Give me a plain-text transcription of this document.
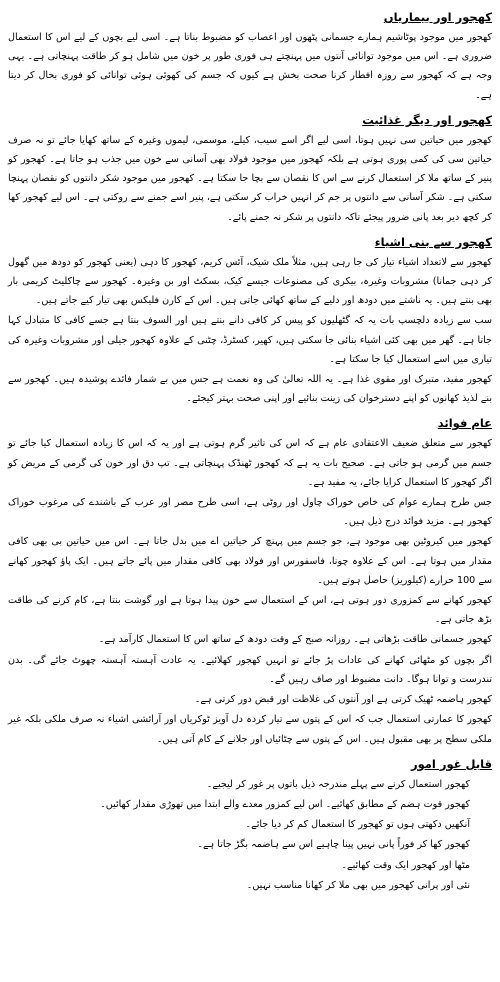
کھجور اور بیماریاں

کھجور میں موجود پوٹاشیم ہمارے جسمانی پٹھوں اور اعصاب کو مضبوط بناتا ہے۔ اسی لیے بچوں کے لیے اس کا استعمال ضروری ہے۔ اس میں موجود توانائی آنتوں میں پہنچتے ہی فوری طور پر خون میں شامل ہو کر طاقت پہنچاتی ہے۔ یہی وجہ ہے کہ کھجور سے روزہ افطار کرنا صحت بخش ہے کیوں کہ جسم کی کھوئی ہوئی توانائی کو فوری بحال کر دیتا ہے۔

کھجور اور دیگر غذائیت

کھجور میں حیاتین سی نہیں ہوتا، اسی لیے اگر اسے سیب، کیلے، موسمی، لیموں وغیرہ کے ساتھ کھایا جائے تو نہ صرف حیاتین سی کی کمی پوری ہوتی ہے بلکہ کھجور میں موجود فولاد بھی آسانی سے خون میں جذب ہو جاتا ہے۔ کھجور کو پنیر کے ساتھ ملا کر استعمال کرنے سے اس کا نقصان سے بچا جا سکتا ہے۔ کھجور میں موجود شکر دانتوں کو نقصان پہنچا سکتی ہے۔ شکر آسانی سے دانتوں پر جم کر انہیں خراب کر سکتی ہے، پنیر اسے جمنے سے روکتی ہے۔ اس لیے کھجور کھا کر کچھ دیر بعد پانی ضرور پیجئے تاکہ دانتوں پر شکر نہ جمنے پائے۔

کھجور سے بنی اشیاء

کھجور سے لاتعداد اشیاء تیار کی جا رہی ہیں، مثلاً ملک شیک، آئس کریم، کھجور کا دہی (یعنی کھجور کو دودھ میں گھول کر دہی جمانا) مشروبات وغیرہ، بیکری کی مصنوعات جیسے کیک، بسکٹ اور بن وغیرہ۔ کھجور سے چاکلیٹ کریمی بار بھی بنتے ہیں۔ یہ ناشتے میں دودھ اور دلیے کے ساتھ کھائی جاتی ہیں۔ اس کے کارن فلیکس بھی تیار کیے جاتے ہیں۔

سب سے زیادہ دلچسپ بات یہ کہ گٹھلیوں کو پیس کر کافی دانے بنتے ہیں اور السوف بنتا ہے جسے کافی کا متبادل کہا جاتا ہے۔ گھر میں بھی کئی اشیاء بنائی جا سکتی ہیں، کھیر، کسٹرڈ، چٹنی کے علاوہ کھجور جیلی اور مشروبات وغیرہ کی تیاری میں اسے استعمال کیا جا سکتا ہے۔

کھجور مفید، متبرک اور مقوی غذا ہے۔ یہ اللہ تعالیٰ کی وہ نعمت ہے جس میں بے شمار فائدے پوشیدہ ہیں۔ کھجور سے بنے لذیذ کھانوں کو اپنے دسترخوان کی زینت بنائیے اور اپنی صحت بہتر کیجئے۔

عام فوائد

کھجور سے متعلق ضعیف الاعتقادی عام ہے کہ اس کی تاثیر گرم ہوتی ہے اور یہ کہ اس کا زیادہ استعمال کیا جائے تو جسم میں گرمی ہو جاتی ہے۔ صحیح بات یہ ہے کہ کھجور ٹھنڈک پہنچاتی ہے۔ تپ دق اور خون کی گرمی کے مریض کو اگر کھجور کا استعمال کرایا جائے، یہ مفید ہے۔

جس طرح ہمارے عوام کی خاص خوراک چاول اور روٹی ہے، اسی طرح مصر اور عرب کے باشندے کی مرغوب خوراک کھجور ہے۔ مزید فوائد درج ذیل ہیں۔

کھجور میں کیروٹین بھی موجود ہے، جو جسم میں پہنچ کر حیاتین اے میں بدل جاتا ہے۔ اس میں حیاتین بی بھی کافی مقدار میں ہوتا ہے۔ اس کے علاوہ چونا، فاسفورس اور فولاد بھی کافی مقدار میں پائے جاتے ہیں۔ ایک پاؤ کھجور کھانے سے 100 حرارے (کیلوریز) حاصل ہوتے ہیں۔

کھجور کھانے سے کمزوری دور ہوتی ہے، اس کے استعمال سے خون پیدا ہوتا ہے اور گوشت بنتا ہے، کام کرنے کی طاقت بڑھ جاتی ہے۔

کھجور جسمانی طاقت بڑھاتی ہے۔ روزانہ صبح کے وقت دودھ کے ساتھ اس کا استعمال کارآمد ہے۔

اگر بچوں کو مٹھائی کھانے کی عادات پڑ جائے تو انہیں کھجور کھلائیے۔ یہ عادت آہستہ آہستہ چھوٹ جائے گی۔ بدن تندرست و توانا ہوگا۔ دانت مضبوط اور صاف رہیں گے۔

کھجور ہاضمہ ٹھیک کرتی ہے اور آنتوں کی غلاظت اور قبض دور کرتی ہے۔

کھجور کا عمارتی استعمال جب کہ اس کے پتوں سے تیار کردہ دل آویز ٹوکریاں اور آرائشی اشیاء نہ صرف ملکی بلکہ غیر ملکی سطح پر بھی مقبول ہیں۔ اس کے پتوں سے چٹائیاں اور جلانے کے کام آتی ہیں۔

قابل غور امور

کھجور استعمال کرنے سے پہلے مندرجہ ذیل باتوں پر غور کر لیجیے۔

کھجور قوت ہضم کے مطابق کھائیے۔ اس لیے کمزور معدے والے ابتدا میں تھوڑی مقدار کھائیں۔

آنکھیں دکھتی ہوں تو کھجور کا استعمال کم کر دیا جائے۔

کھجور کھا کر فوراً پانی نہیں پینا چاہیے اس سے ہاضمہ بگڑ جاتا ہے۔

مٹھا اور کھجور ایک وقت کھائیے۔

نئی اور پرانی کھجور میں بھی ملا کر کھانا مناسب نہیں۔
